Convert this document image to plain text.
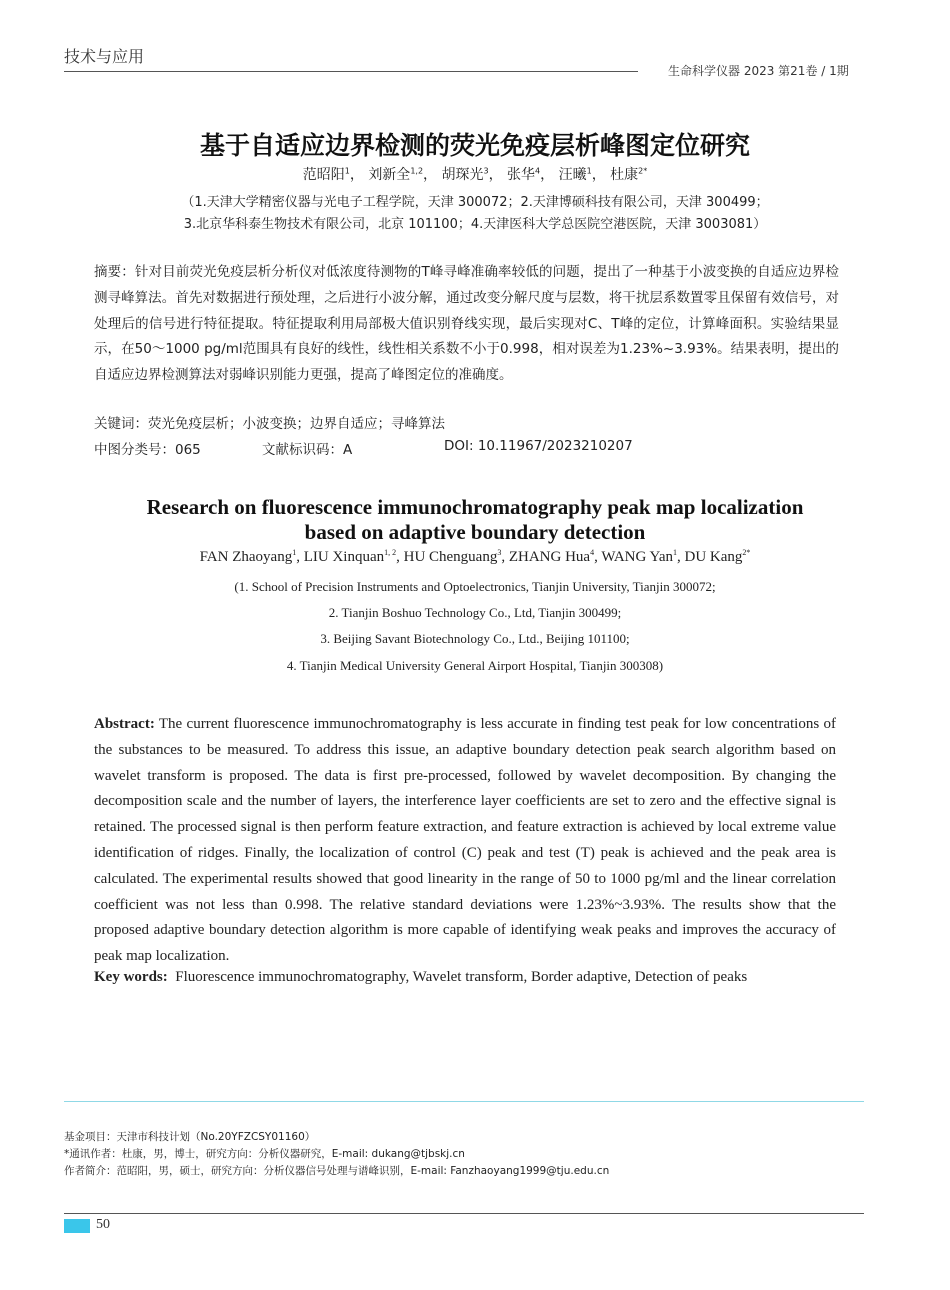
技术与应用
生命科学仪器 2023 第21卷 / 1期
基于自适应边界检测的荧光免疫层析峰图定位研究
范昭阳$^1$， 刘新全$^{1,2}$， 胡琛光$^3$， 张华$^4$， 汪曦$^1$， 杜康$^{2*}$
（1.天津大学精密仪器与光电子工程学院，天津 300072；2.天津博硕科技有限公司，天津 300499；
3.北京华科泰生物技术有限公司，北京 101100；4.天津医科大学总医院空港医院，天津 3003081）
摘要：针对目前荧光免疫层析分析仪对低浓度待测物的T峰寻峰准确率较低的问题，提出了一种基于小波变换的自适应边界检测寻峰算法。首先对数据进行预处理，之后进行小波分解，通过改变分解尺度与层数，将干扰层系数置零且保留有效信号，对处理后的信号进行特征提取。特征提取利用局部极大值识别脊线实现，最后实现对C、T峰的定位，计算峰面积。实验结果显示，在50～1000 pg/ml范围具有良好的线性，线性相关系数不小于0.998，相对误差为1.23%~3.93%。结果表明，提出的自适应边界检测算法对弱峰识别能力更强，提高了峰图定位的准确度。
关键词：荧光免疫层析；小波变换；边界自适应；寻峰算法
中图分类号：065	文献标识码：A	DOI: 10.11967/2023210207
Research on fluorescence immunochromatography peak map localization
based on adaptive boundary detection
FAN Zhaoyang$^1$, LIU Xinquan$^{1, 2}$, HU Chenguang$^3$, ZHANG Hua$^4$, WANG Yan$^1$, DU Kang$^{2*}$
(1. School of Precision Instruments and Optoelectronics, Tianjin University, Tianjin 300072;
2. Tianjin Boshuo Technology Co., Ltd, Tianjin 300499;
3. Beijing Savant Biotechnology Co., Ltd., Beijing 101100;
4. Tianjin Medical University General Airport Hospital, Tianjin 300308)
Abstract: The current fluorescence immunochromatography is less accurate in finding test peak for low concentrations of the substances to be measured. To address this issue, an adaptive boundary detection peak search algorithm based on wavelet transform is proposed. The data is first pre-processed, followed by wavelet decomposition. By changing the decomposition scale and the number of layers, the interference layer coefficients are set to zero and the effective signal is retained. The processed signal is then perform feature extraction, and feature extraction is achieved by local extreme value identification of ridges. Finally, the localization of control (C) peak and test (T) peak is achieved and the peak area is calculated. The experimental results showed that good linearity in the range of 50 to 1000 pg/ml and the linear correlation coefficient was not less than 0.998. The relative standard deviations were 1.23%~3.93%. The results show that the proposed adaptive boundary detection algorithm is more capable of identifying weak peaks and improves the accuracy of peak map localization.
Key words: Fluorescence immunochromatography, Wavelet transform, Border adaptive, Detection of peaks
基金项目：天津市科技计划（No.20YFZCSY01160）
*通讯作者：杜康，男，博士，研究方向：分析仪器研究，E-mail: dukang@tjbskj.cn
作者简介：范昭阳，男，硕士，研究方向：分析仪器信号处理与谱峰识别，E-mail: Fanzhaoyang1999@tju.edu.cn
50
